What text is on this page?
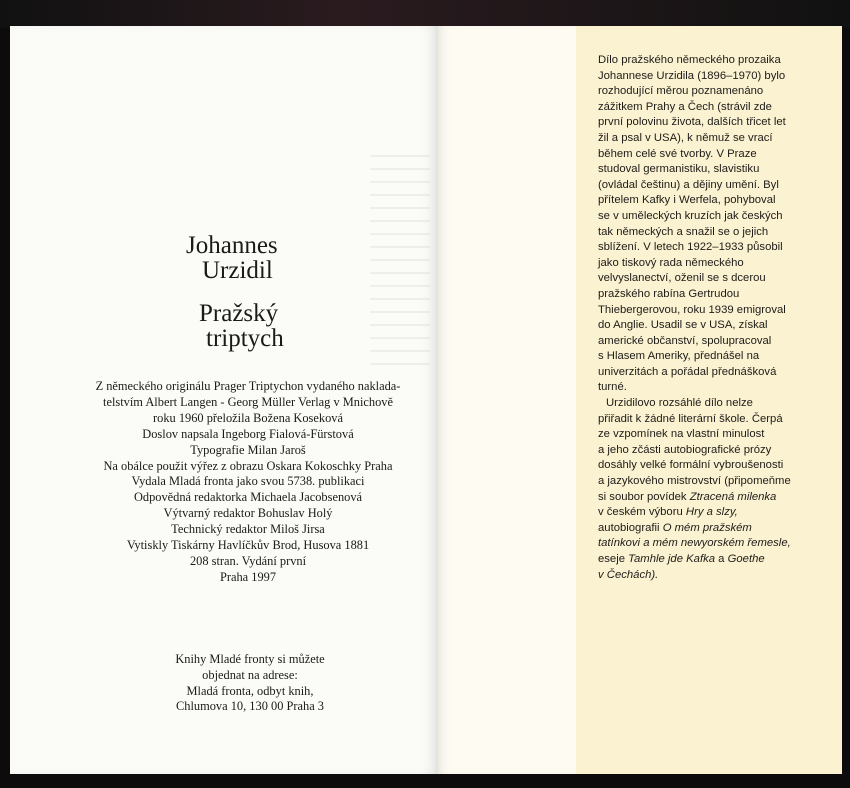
Johannes
Urzidil
Pražský
triptych
Z německého originálu Prager Triptychon vydaného naklada-
telstvím Albert Langen - Georg Müller Verlag v Mnichově
roku 1960 přeložila Božena Koseková
Doslov napsala Ingeborg Fialová-Fürstová
Typografie Milan Jaroš
Na obálce použit výřez z obrazu Oskara Kokoschky Praha
Vydala Mladá fronta jako svou 5738. publikaci
Odpovědná redaktorka Michaela Jacobsenová
Výtvarný redaktor Bohuslav Holý
Technický redaktor Miloš Jirsa
Vytiskly Tiskárny Havlíčkův Brod, Husova 1881
208 stran. Vydání první
Praha 1997
Knihy Mladé fronty si můžete
objednat na adrese:
Mladá fronta, odbyt knih,
Chlumova 10, 130 00 Praha 3
Dílo pražského německého prozaika
Johannese Urzidila (1896–1970) bylo
rozhodující měrou poznamenáno
zážitkem Prahy a Čech (strávil zde
první polovinu života, dalších třicet let
žil a psal v USA), k němuž se vrací
během celé své tvorby. V Praze
studoval germanistiku, slavistiku
(ovládal češtinu) a dějiny umění. Byl
přítelem Kafky i Werfela, pohyboval
se v uměleckých kruzích jak českých
tak německých a snažil se o jejich
sblížení. V letech 1922–1933 působil
jako tiskový rada německého
velvyslanectví, oženil se s dcerou
pražského rabína Gertrudou
Thiebergerovou, roku 1939 emigroval
do Anglie. Usadil se v USA, získal
americké občanství, spolupracoval
s Hlasem Ameriky, přednášel na
univerzitách a pořádal přednášková
turné.
Urzidilovo rozsáhlé dílo nelze
přiřadit k žádné literární škole. Čerpá
ze vzpomínek na vlastní minulost
a jeho zčásti autobiografické prózy
dosáhly velké formální vybroušenosti
a jazykového mistrovství (připomeňme
si soubor povídek Ztracená milenka
v českém výboru Hry a slzy,
autobiografii O mém pražském
tatínkovi a mém newyorském řemesle,
eseje Tamhle jde Kafka a Goethe
v Čechách).
